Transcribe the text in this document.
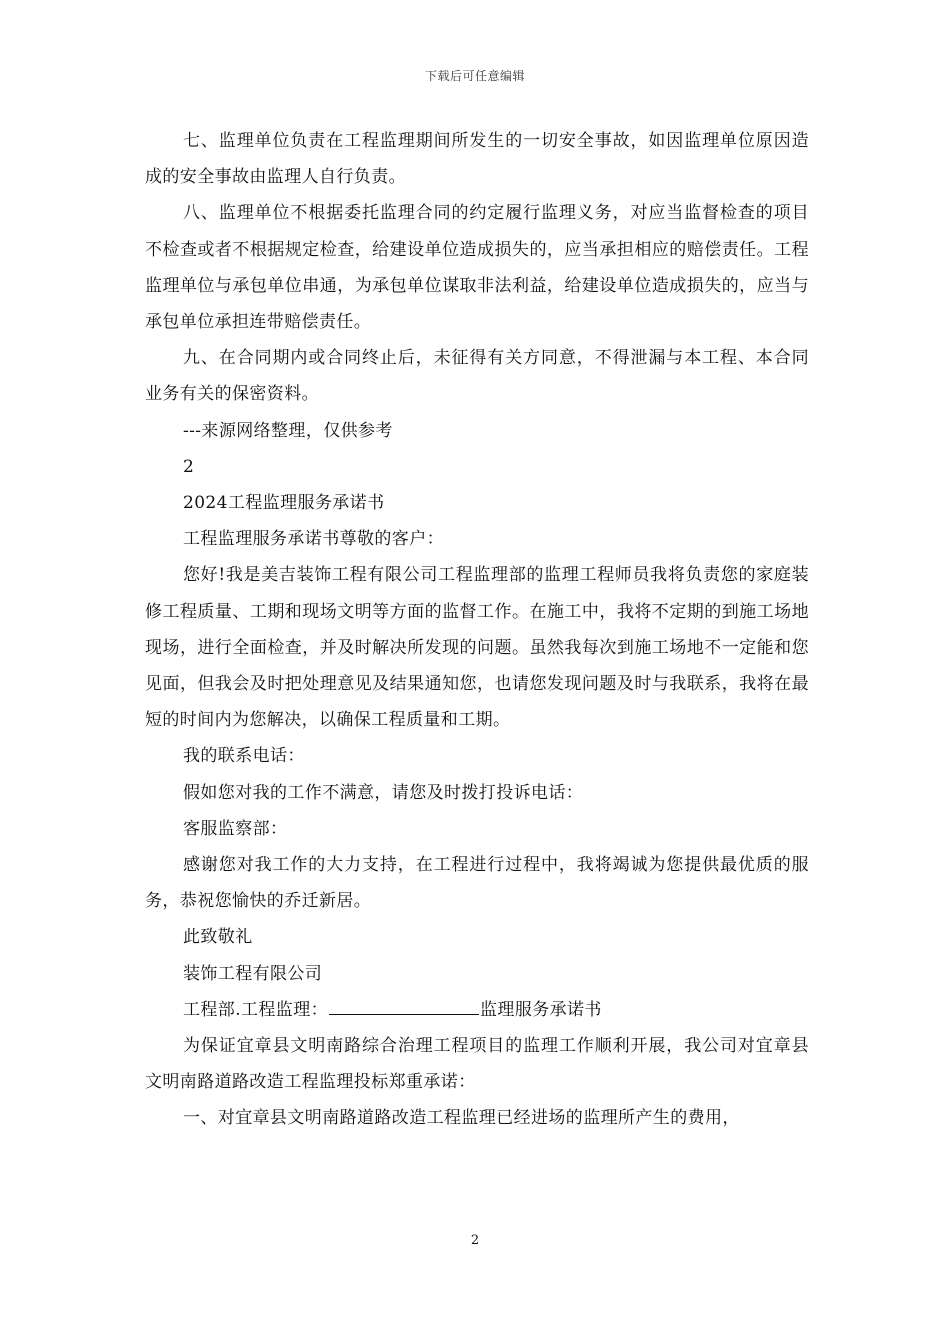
下载后可任意编辑

七、监理单位负责在工程监理期间所发生的一切安全事故，如因监理单位原因造成的安全事故由监理人自行负责。

八、监理单位不根据委托监理合同的约定履行监理义务，对应当监督检查的项目不检查或者不根据规定检查，给建设单位造成损失的，应当承担相应的赔偿责任。工程监理单位与承包单位串通，为承包单位谋取非法利益，给建设单位造成损失的，应当与承包单位承担连带赔偿责任。

九、在合同期内或合同终止后，未征得有关方同意，不得泄漏与本工程、本合同业务有关的保密资料。

---来源网络整理，仅供参考

2

2024工程监理服务承诺书

工程监理服务承诺书尊敬的客户：

您好!我是美吉装饰工程有限公司工程监理部的监理工程师员我将负责您的家庭装修工程质量、工期和现场文明等方面的监督工作。在施工中，我将不定期的到施工场地现场，进行全面检查，并及时解决所发现的问题。虽然我每次到施工场地不一定能和您见面，但我会及时把处理意见及结果通知您，也请您发现问题及时与我联系，我将在最短的时间内为您解决，以确保工程质量和工期。

我的联系电话：

假如您对我的工作不满意，请您及时拨打投诉电话：

客服监察部：

感谢您对我工作的大力支持，在工程进行过程中，我将竭诚为您提供最优质的服务，恭祝您愉快的乔迁新居。

此致敬礼

装饰工程有限公司

工程部.工程监理：	监理服务承诺书

为保证宜章县文明南路综合治理工程项目的监理工作顺利开展，我公司对宜章县文明南路道路改造工程监理投标郑重承诺：

一、对宜章县文明南路道路改造工程监理已经进场的监理所产生的费用，

2
